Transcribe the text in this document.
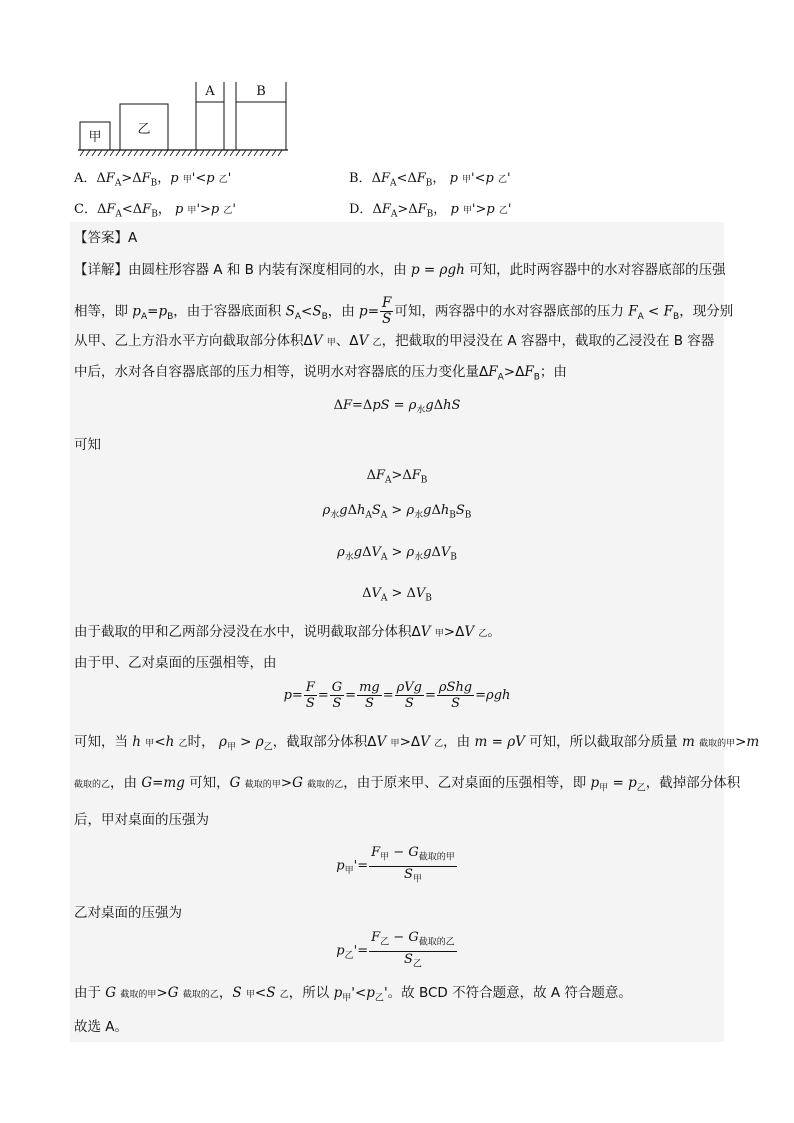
甲
乙
A	B
A．$\Delta F_A>\Delta F_B$，p 甲'<p 乙'	B．$\Delta F_A<\Delta F_B$， p 甲'<p 乙'
C．$\Delta F_A<\Delta F_B$， p 甲'>p 乙'	D．$\Delta F_A>\Delta F_B$， p 甲'>p 乙'
【答案】A
【详解】由圆柱形容器 A 和 B 内装有深度相同的水，由 p = ρgh 可知，此时两容器中的水对容器底部的压强
相等，即 $p_A=p_B$，由于容器底面积 $S_A<S_B$，由 $p= \frac{F}{S}$ 可知，两容器中的水对容器底部的压力 $F_A < F_B$，现分别
从甲、乙上方沿水平方向截取部分体积ΔV 甲、ΔV 乙，把截取的甲浸没在 A 容器中，截取的乙浸没在 B 容器
中后，水对各自容器底部的压力相等，说明水对容器底的压力变化量$\Delta F_A>\Delta F_B$；由
$\Delta F=\Delta pS = \rho_水g\Delta hS$
可知
$\Delta F_A>\Delta F_B$
$\rho_水g\Delta h_AS_A > \rho_水g\Delta h_BS_B$
$\rho_水g\Delta V_A > \rho_水g\Delta V_B$
$\Delta V_A > \Delta V_B$
由于截取的甲和乙两部分浸没在水中，说明截取部分体积ΔV 甲>ΔV 乙。
由于甲、乙对桌面的压强相等，由
$p= \frac{F}{S} = \frac{G}{S} = \frac{mg}{S} = \frac{\text{ρVg}}{S} = \frac{\text{ρShg}}{S} =\rho gh$
可知，当 h 甲<h 乙时， $\rho_甲 > \rho_乙$，截取部分体积ΔV 甲>ΔV 乙，由 m = ρV 可知，所以截取部分质量 m 截取的甲>m
截取的乙，由 G=mg 可知，G 截取的甲>G 截取的乙，由于原来甲、乙对桌面的压强相等，即 $p_甲 = p_乙$，截掉部分体积
后，甲对桌面的压强为
$p_甲'= \frac{F_甲 - G_{截取的甲}}{S_甲}$
乙对桌面的压强为
$p_乙'= \frac{F_乙 - G_{截取的乙}}{S_乙}$
由于 G 截取的甲>G 截取的乙，S 甲<S 乙，所以 $p_甲'<p_乙'$。故 BCD 不符合题意，故 A 符合题意。
故选 A。
